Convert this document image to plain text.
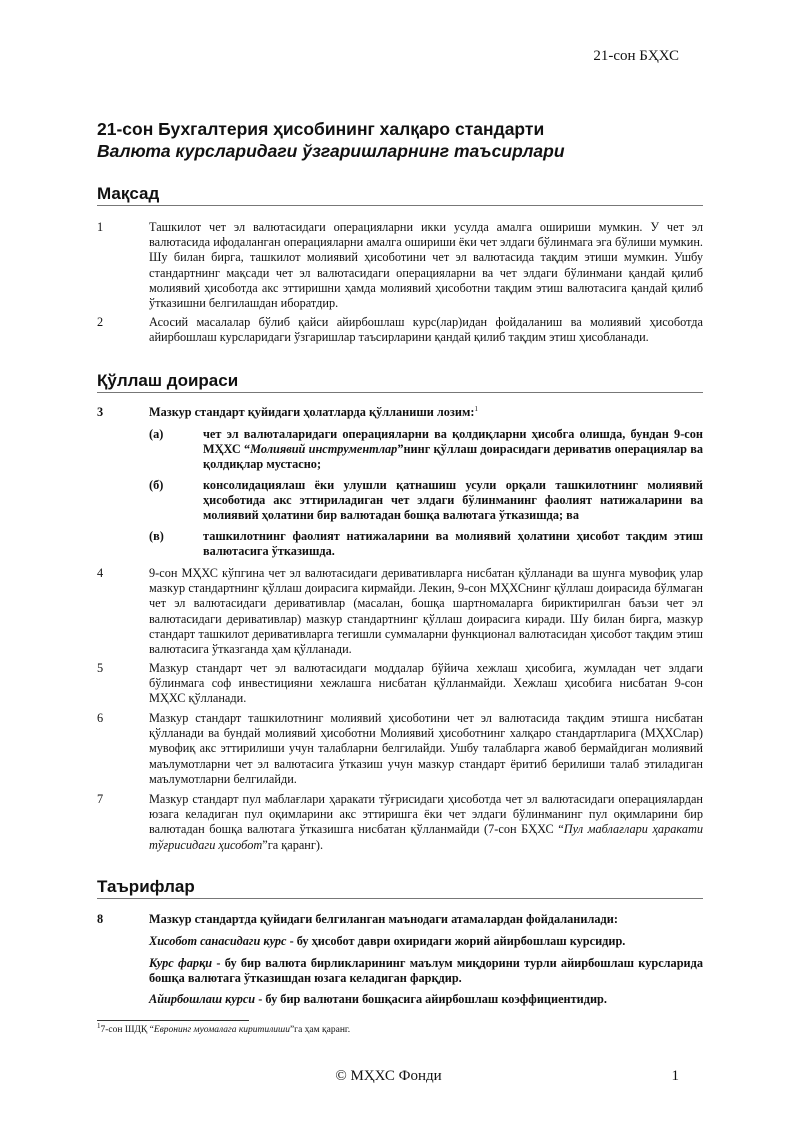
21-сон БҲХС
21-сон Бухгалтерия ҳисобининг халқаро стандарти
Валюта курсларидаги ўзгаришларнинг таъсирлари
Мақсад
1	Ташкилот чет эл валютасидаги операцияларни икки усулда амалга ошириши мумкин. У чет эл валютасида ифодаланган операцияларни амалга ошириши ёки чет элдаги бўлинмага эга бўлиши мумкин. Шу билан бирга, ташкилот молиявий ҳисоботини чет эл валютасида тақдим этиши мумкин. Ушбу стандартнинг мақсади чет эл валютасидаги операцияларни ва чет элдаги бўлинмани қандай қилиб молиявий ҳисоботда акс эттиришни ҳамда молиявий ҳисоботни тақдим этиш валютасига қандай қилиб ўтказишни белгилашдан иборатдир.
2	Асосий масалалар бўлиб қайси айирбошлаш курс(лар)идан фойдаланиш ва молиявий ҳисоботда айирбошлаш курсларидаги ўзгаришлар таъсирларини қандай қилиб тақдим этиш ҳисобланади.
Қўллаш доираси
3	Мазкур стандарт қуйидаги ҳолатларда қўлланиши лозим:$^1$
(а)	чет эл валюталаридаги операцияларни ва қолдиқларни ҳисобга олишда, бундан 9-сон МҲХС “Молиявий инструментлар”нинг қўллаш доирасидаги дериватив операциялар ва қолдиқлар мустасно;
(б)	консолидациялаш ёки улушли қатнашиш усули орқали ташкилотнинг молиявий ҳисоботида акс эттириладиган чет элдаги бўлинманинг фаолият натижаларини ва молиявий ҳолатини бир валютадан бошқа валютага ўтказишда; ва
(в)	ташкилотнинг фаолият натижаларини ва молиявий ҳолатини ҳисобот тақдим этиш валютасига ўтказишда.
4	9-сон МҲХС кўпгина чет эл валютасидаги деривативларга нисбатан қўлланади ва шунга мувофиқ улар мазкур стандартнинг қўллаш доирасига кирмайди. Лекин, 9-сон МҲХСнинг қўллаш доирасида бўлмаган чет эл валютасидаги деривативлар (масалан, бошқа шартномаларга бириктирилган баъзи чет эл валютасидаги деривативлар) мазкур стандартнинг қўллаш доирасига киради. Шу билан бирга, мазкур стандарт ташкилот деривативларга тегишли суммаларни функционал валютасидан ҳисобот тақдим этиш валютасига ўтказганда ҳам қўлланади.
5	Мазкур стандарт чет эл валютасидаги моддалар бўйича хежлаш ҳисобига, жумладан чет элдаги бўлинмага соф инвестицияни хежлашга нисбатан қўлланмайди. Хежлаш ҳисобига нисбатан 9-сон МҲХС қўлланади.
6	Мазкур стандарт ташкилотнинг молиявий ҳисоботини чет эл валютасида тақдим этишга нисбатан қўлланади ва бундай молиявий ҳисоботни Молиявий ҳисоботнинг халқаро стандартларига (МҲХСлар) мувофиқ акс эттирилиши учун талабларни белгилайди. Ушбу талабларга жавоб бермайдиган молиявий маълумотларни чет эл валютасига ўтказиш учун мазкур стандарт ёритиб берилиши талаб этиладиган маълумотларни белгилайди.
7	Мазкур стандарт пул маблағлари ҳаракати тўғрисидаги ҳисоботда чет эл валютасидаги операциялардан юзага келадиган пул оқимларини акс эттиришга ёки чет элдаги бўлинманинг пул оқимларини бир валютадан бошқа валютага ўтказишга нисбатан қўлланмайди (7-сон БҲХС “Пул маблағлари ҳаракати тўғрисидаги ҳисобот”га қаранг).
Таърифлар
8	Мазкур стандартда қуйидаги белгиланган маънодаги атамалардан фойдаланилади:
Хисобот санасидаги курс - бу ҳисобот даври охиридаги жорий айирбошлаш курсидир.
Курс фарқи - бу бир валюта бирликларининг маълум миқдорини турли айирбошлаш курсларида бошқа валютага ўтказишдан юзага келадиган фарқдир.
Айирбошлаш курси - бу бир валютани бошқасига айирбошлаш коэффициентидир.
$^1$7-сон ШДҚ “Евронинг муомалага киритилиши”га ҳам қаранг.
© МҲХС Фонди	1
